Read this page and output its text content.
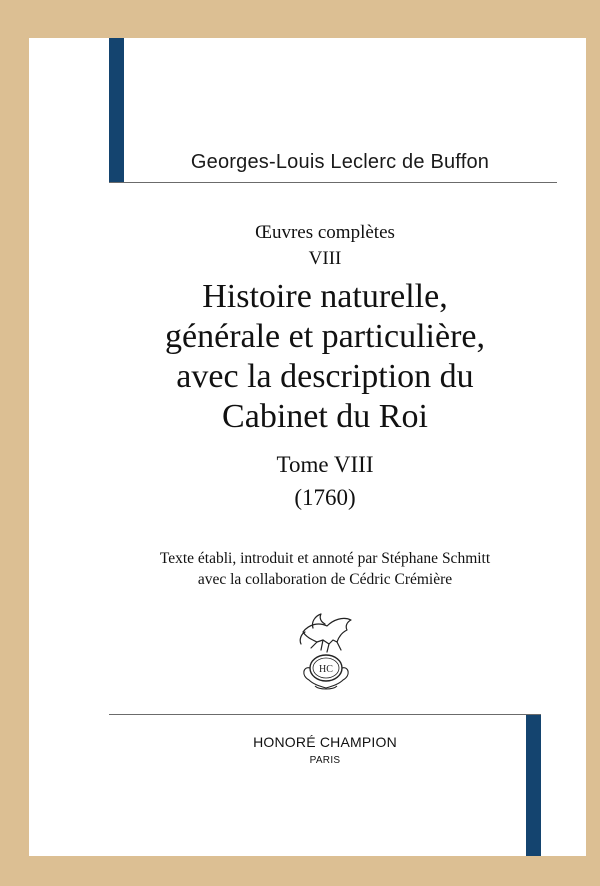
Georges-Louis Leclerc de Buffon
Œuvres complètes
VIII
Histoire naturelle,
générale et particulière,
avec la description du
Cabinet du Roi
Tome VIII
(1760)
Texte établi, introduit et annoté par Stéphane Schmitt
avec la collaboration de Cédric Crémière
HC
HONORÉ CHAMPION
PARIS
